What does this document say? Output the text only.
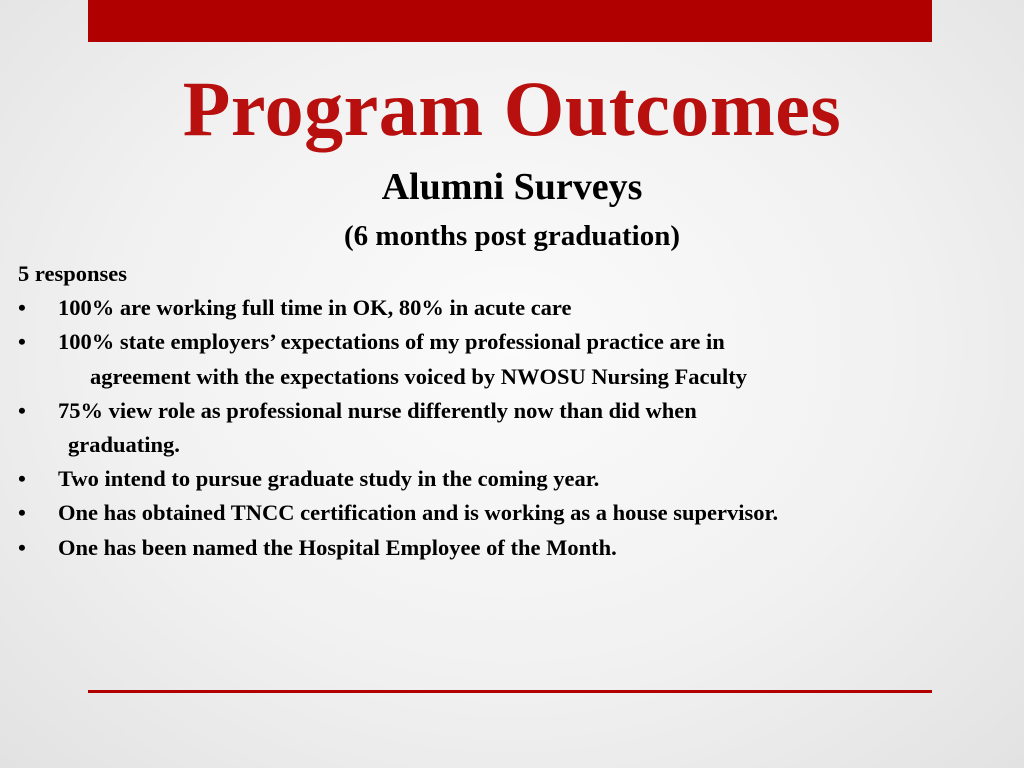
Program Outcomes
Alumni Surveys
(6 months post graduation)
5 responses
• 100% are working full time in OK, 80% in acute care
• 100% state employers’ expectations of my professional practice are in
agreement with the expectations voiced by NWOSU Nursing Faculty
• 75% view role as professional nurse differently now than did when
graduating.
• Two intend to pursue graduate study in the coming year.
• One has obtained TNCC certification and is working as a house supervisor.
• One has been named the Hospital Employee of the Month.
